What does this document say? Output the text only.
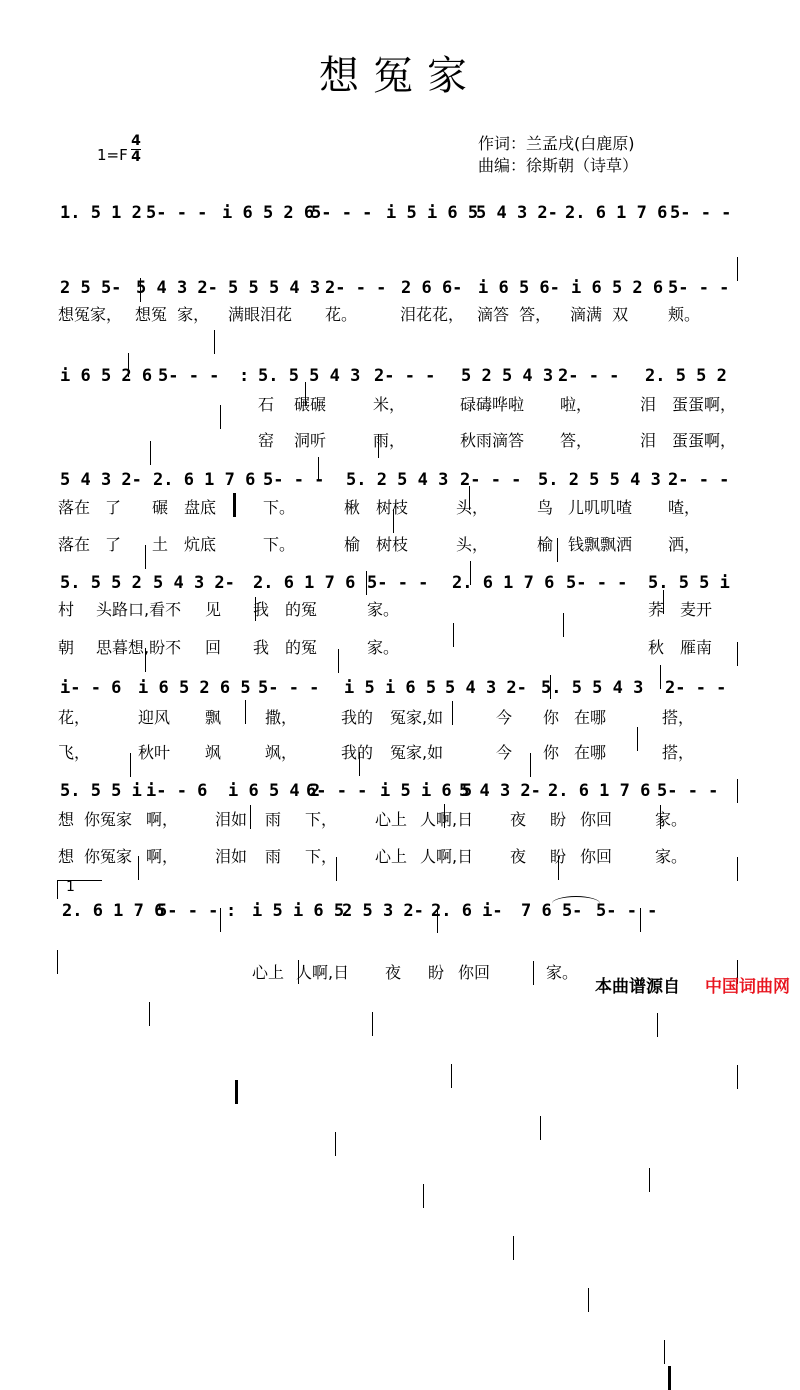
想冤家
1=F
4
4
作词：兰孟戌(白鹿原)
曲编：徐斯朝（诗草）

1. 5 1 2

5- - -

i 6 5 2 6

5- - -

i 5 i 6 5

5 4 3 2-

2. 6 1 7 6

5- - -

2 5 5-

5 4 3 2-

5 5 5 4 3

2- - -

2 6 6-

i 6 5 6-

i 6 5 2 6

5- - -

想冤家，

想冤  家，

满眼泪花

花。

	泪花花，

滴答  答，

滴满  双

颊。

i 6 5 2 6

5- - -

:

5. 5 5 4 3

2- - -

5 2 5 4 3

2- - -

2. 5 5 2

石

碾碾

	米，

	碌碡哗啦

啦，

	泪

蛋蛋啊，

窑

洞听

	雨，

	秋雨滴答

答，

	泪

蛋蛋啊，

5 4 3 2-

2. 6 1 7 6

5- - -

5. 2 5 4 3

2- - -

5. 2 5 5 4 3

2- - -

落在

了

碾

盘底

	下。

	楸

树枝

	头，

	鸟

儿叽叽喳

喳，

落在

了

土

炕底

	下。

	榆

树枝

	头，

	榆

钱飘飘洒

洒，

5. 5 5 2

5 4 3 2-

2. 6 1 7 6

5- - -

2. 6 1 7 6

5- - -

5. 5 5 i

村

头路口,看不

见

我

的冤

	家。

	荞

麦开

朝

思暮想,盼不

回

我

的冤

	家。

	秋

雁南

i- - 6

i 6 5 2 6 5

5- - -

i 5 i 6 5

5 4 3 2-

5. 5 5 4 3

2- - -

花，

	迎风

飘

	撒，

	我的

冤家,如

	今

你

在哪

	搭，

飞，

	秋叶

飒

	飒，

	我的

冤家,如

	今

你

在哪

	搭，

5. 5 5 i

i- - 6

i 6 5 4 2

6- - -

i 5 i 6 5

5 4 3 2-

2. 6 1 7 6

5- - -

想

你冤家

啊，

泪如

雨

下，

心上

人啊,日

夜

盼

你回

	家。

想

你冤家

啊，

泪如

雨

下，

心上

人啊,日

夜

盼

你回

	家。

1

2. 6 1 7 6

5- - -

:

i 5 i 6 5

2 5 3 2-

2. 6 i-

7 6 5-

5- - -

心上

人啊,日

夜

盼

你回

	家。

本曲谱源自 中国词曲网
